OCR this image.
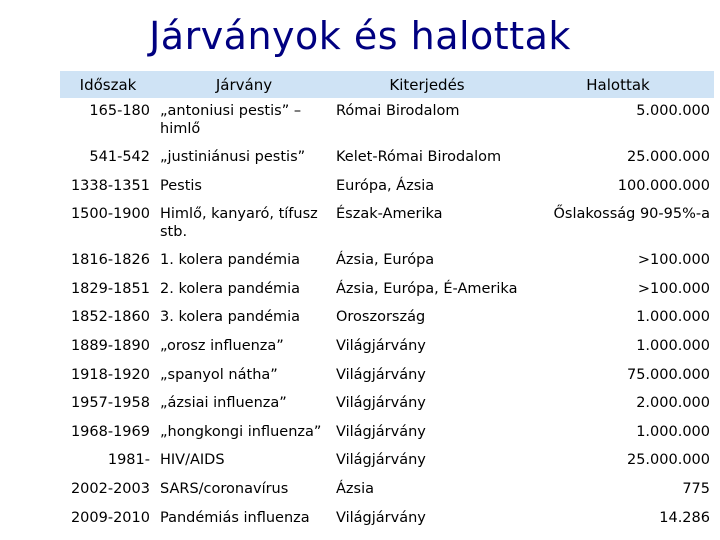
Járványok és halottak
Időszak	Járvány	Kiterjedés	Halottak
165-180	„antoniusi pestis” – himlő	Római Birodalom	5.000.000
541-542	„justiniánusi pestis”	Kelet-Római Birodalom	25.000.000
1338-1351	Pestis	Európa, Ázsia	100.000.000
1500-1900	Himlő, kanyaró, tífusz stb.	Észak-Amerika	Őslakosság 90-95%-a
1816-1826	1. kolera pandémia	Ázsia, Európa	>100.000
1829-1851	2. kolera pandémia	Ázsia, Európa, É-Amerika	>100.000
1852-1860	3. kolera pandémia	Oroszország	1.000.000
1889-1890	„orosz influenza”	Világjárvány	1.000.000
1918-1920	„spanyol nátha”	Világjárvány	75.000.000
1957-1958	„ázsiai influenza”	Világjárvány	2.000.000
1968-1969	„hongkongi influenza”	Világjárvány	1.000.000
1981-	HIV/AIDS	Világjárvány	25.000.000
2002-2003	SARS/coronavírus	Ázsia	775
2009-2010	Pandémiás influenza	Világjárvány	14.286
